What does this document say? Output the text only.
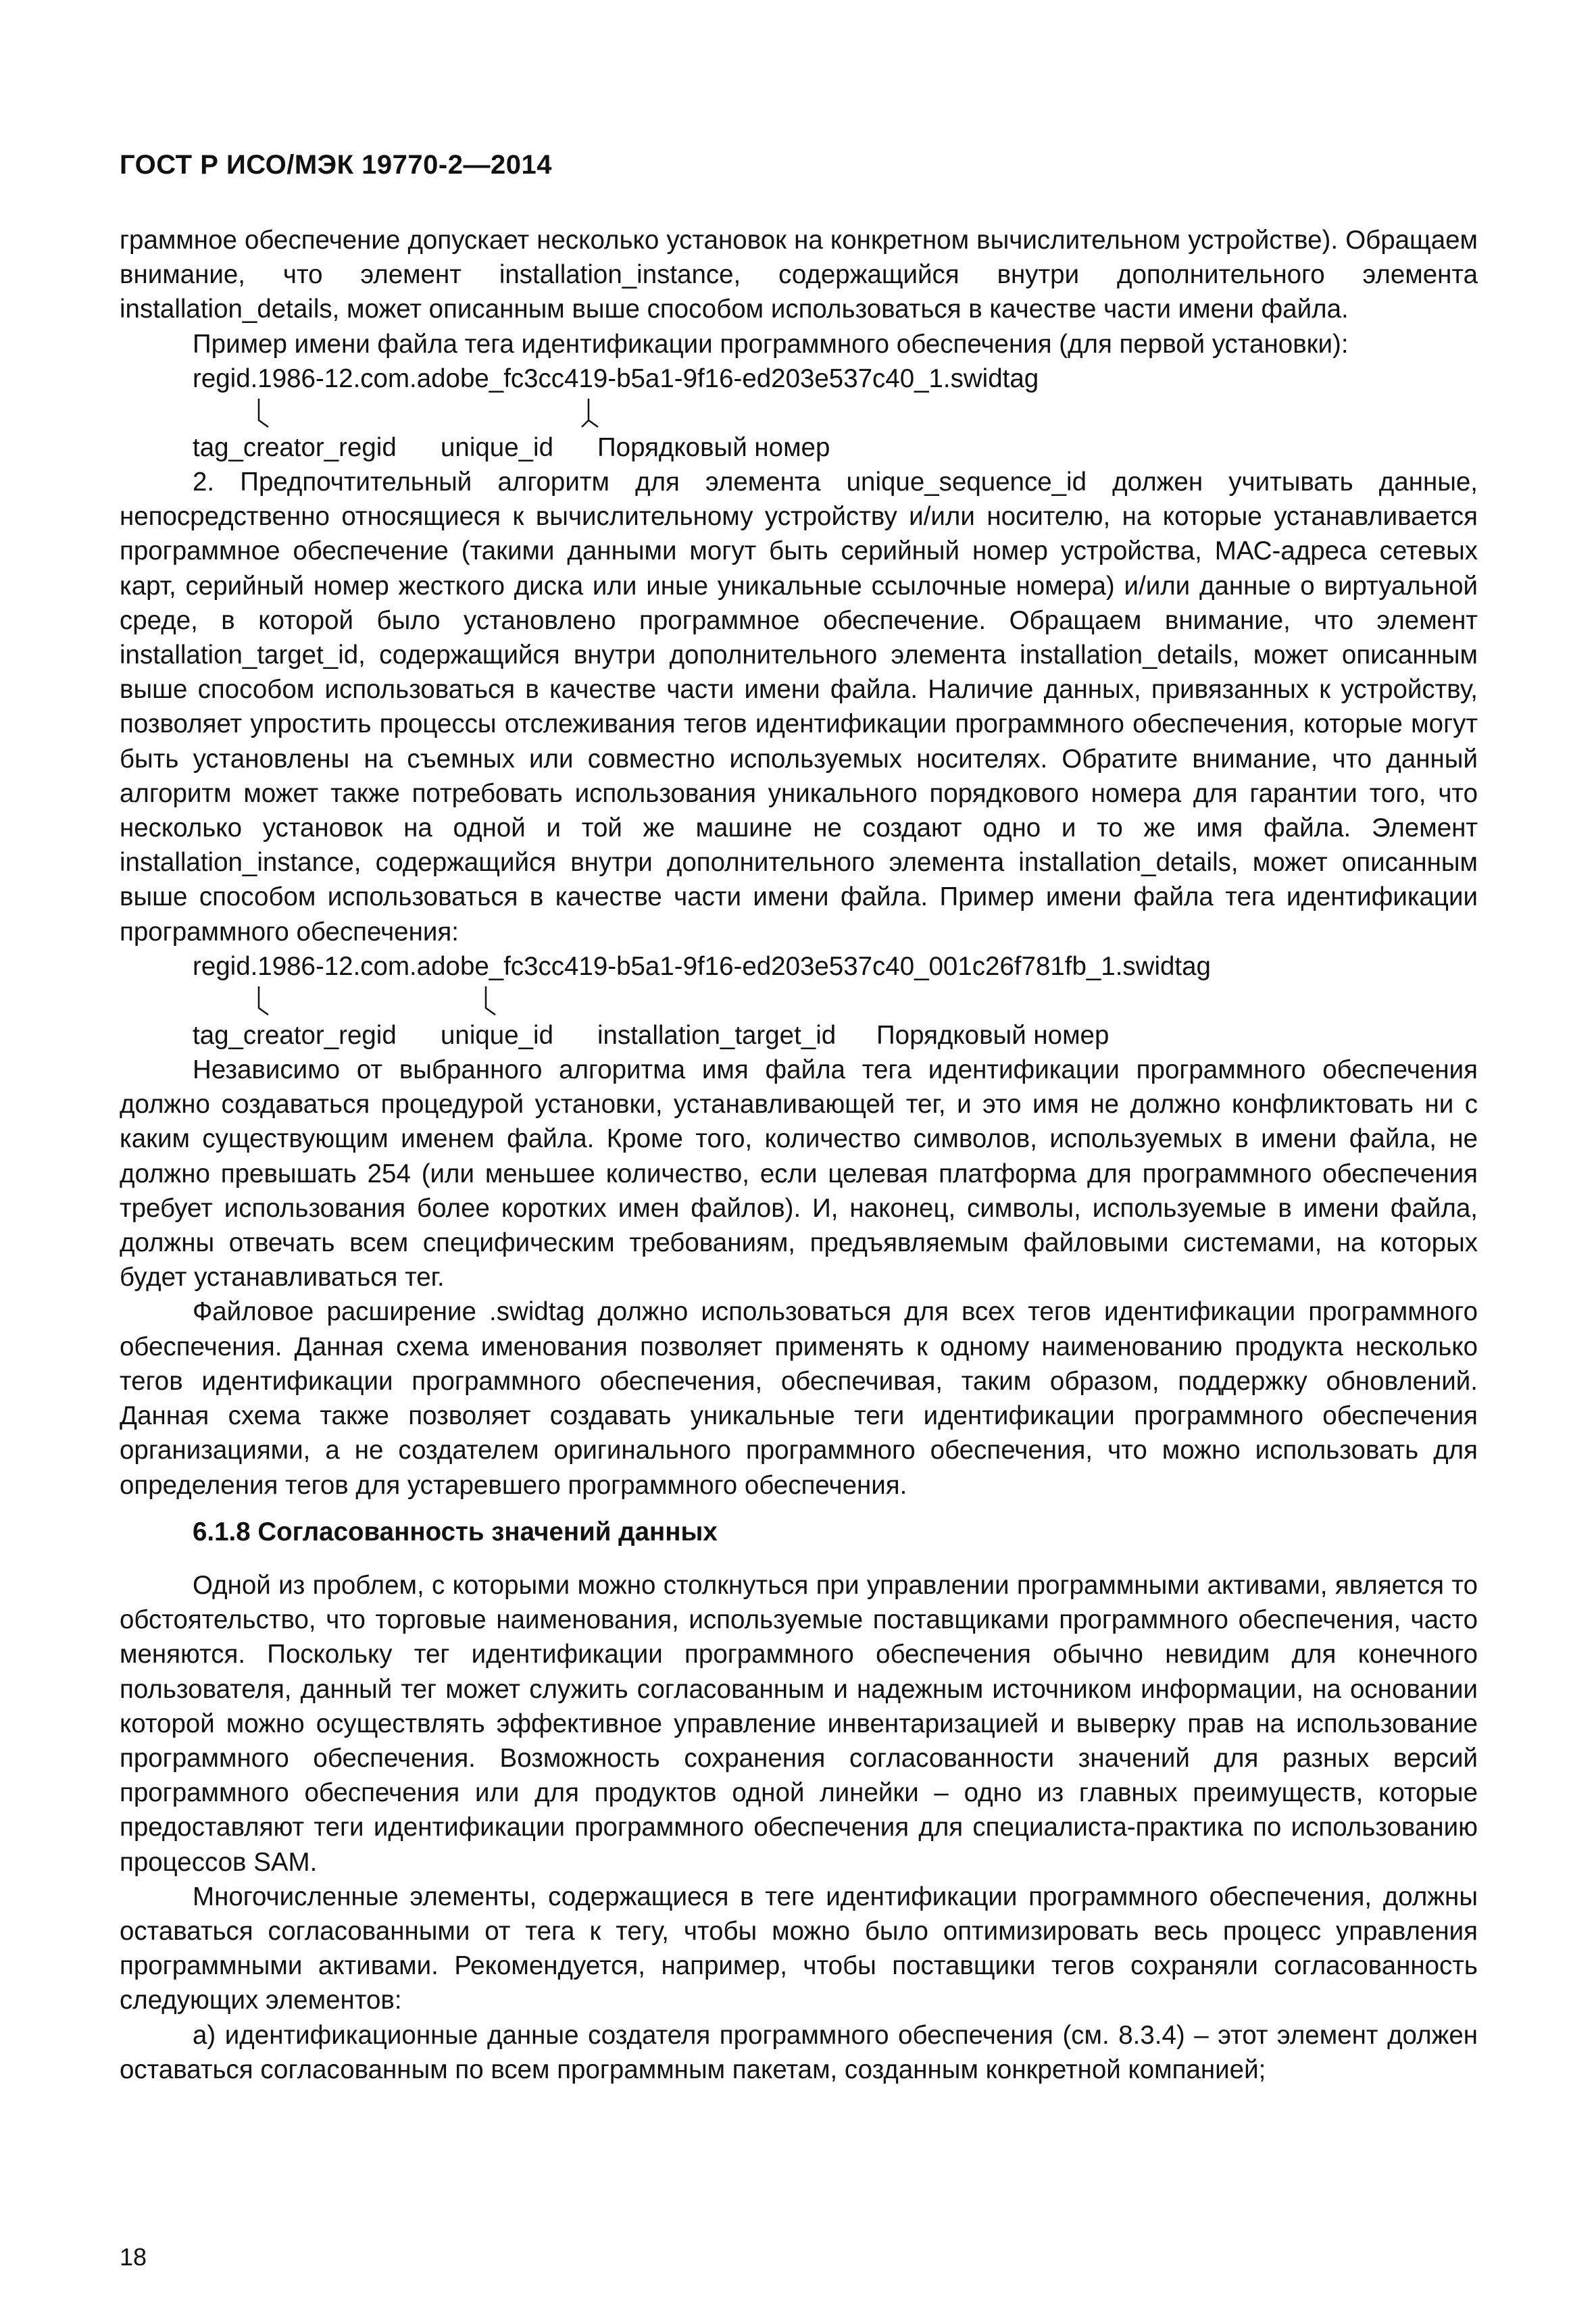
ГОСТ Р ИСО/МЭК 19770-2—2014

граммное обеспечение допускает несколько установок на конкретном вычислительном устройстве). Обращаем внимание, что элемент installation_instance, содержащийся внутри дополнительного элемента installation_details, может описанным выше способом использоваться в качестве части имени файла.

Пример имени файла тега идентификации программного обеспечения (для первой установки):

regid.1986-12.com.adobe_fc3cc419-b5a1-9f16-ed203e537c40_1.swidtag

tag_creator_regid unique_id Порядковый номер

2. Предпочтительный алгоритм для элемента unique_sequence_id должен учитывать данные, непосредственно относящиеся к вычислительному устройству и/или носителю, на которые устанавливается программное обеспечение (такими данными могут быть серийный номер устройства, МАС-адреса сетевых карт, серийный номер жесткого диска или иные уникальные ссылочные номера) и/или данные о виртуальной среде, в которой было установлено программное обеспечение. Обращаем внимание, что элемент installation_target_id, содержащийся внутри дополнительного элемента installation_details, может описанным выше способом использоваться в качестве части имени файла. Наличие данных, привязанных к устройству, позволяет упростить процессы отслеживания тегов идентификации программного обеспечения, которые могут быть установлены на съемных или совместно используемых носителях. Обратите внимание, что данный алгоритм может также потребовать использования уникального порядкового номера для гарантии того, что несколько установок на одной и той же машине не создают одно и то же имя файла. Элемент installation_instance, содержащийся внутри дополнительного элемента installation_details, может описанным выше способом использоваться в качестве части имени файла. Пример имени файла тега идентификации программного обеспечения:

regid.1986-12.com.adobe_fc3cc419-b5a1-9f16-ed203e537c40_001c26f781fb_1.swidtag

tag_creator_regid unique_id installation_target_id Порядковый номер

Независимо от выбранного алгоритма имя файла тега идентификации программного обеспечения должно создаваться процедурой установки, устанавливающей тег, и это имя не должно конфликтовать ни с каким существующим именем файла. Кроме того, количество символов, используемых в имени файла, не должно превышать 254 (или меньшее количество, если целевая платформа для программного обеспечения требует использования более коротких имен файлов). И, наконец, символы, используемые в имени файла, должны отвечать всем специфическим требованиям, предъявляемым файловыми системами, на которых будет устанавливаться тег.

Файловое расширение .swidtag должно использоваться для всех тегов идентификации программного обеспечения. Данная схема именования позволяет применять к одному наименованию продукта несколько тегов идентификации программного обеспечения, обеспечивая, таким образом, поддержку обновлений. Данная схема также позволяет создавать уникальные теги идентификации программного обеспечения организациями, а не создателем оригинального программного обеспечения, что можно использовать для определения тегов для устаревшего программного обеспечения.

6.1.8 Согласованность значений данных

Одной из проблем, с которыми можно столкнуться при управлении программными активами, является то обстоятельство, что торговые наименования, используемые поставщиками программного обеспечения, часто меняются. Поскольку тег идентификации программного обеспечения обычно невидим для конечного пользователя, данный тег может служить согласованным и надежным источником информации, на основании которой можно осуществлять эффективное управление инвентаризацией и выверку прав на использование программного обеспечения. Возможность сохранения согласованности значений для разных версий программного обеспечения или для продуктов одной линейки – одно из главных преимуществ, которые предоставляют теги идентификации программного обеспечения для специалиста-практика по использованию процессов SAM.

Многочисленные элементы, содержащиеся в теге идентификации программного обеспечения, должны оставаться согласованными от тега к тегу, чтобы можно было оптимизировать весь процесс управления программными активами. Рекомендуется, например, чтобы поставщики тегов сохраняли согласованность следующих элементов:

а) идентификационные данные создателя программного обеспечения (см. 8.3.4) – этот элемент должен оставаться согласованным по всем программным пакетам, созданным конкретной компанией;

18
